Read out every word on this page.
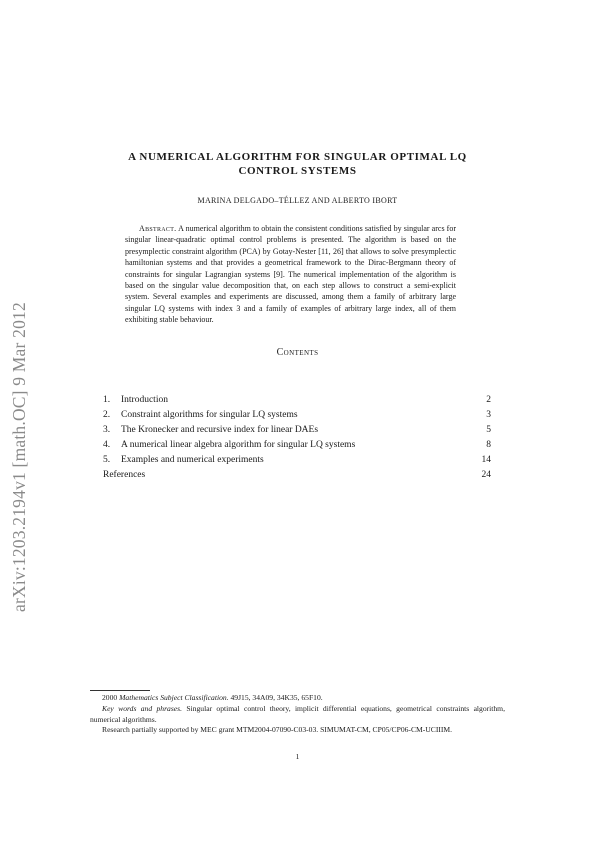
arXiv:1203.2194v1 [math.OC] 9 Mar 2012
A NUMERICAL ALGORITHM FOR SINGULAR OPTIMAL LQ
CONTROL SYSTEMS
MARINA DELGADO–TÉLLEZ AND ALBERTO IBORT
Abstract. A numerical algorithm to obtain the consistent conditions satisfied by singular arcs for singular linear-quadratic optimal control problems is presented. The algorithm is based on the presymplectic constraint algorithm (PCA) by Gotay-Nester [11, 26] that allows to solve presymplectic hamiltonian systems and that provides a geometrical framework to the Dirac-Bergmann theory of constraints for singular Lagrangian systems [9]. The numerical implementation of the algorithm is based on the singular value decomposition that, on each step allows to construct a semi-explicit system. Several examples and experiments are discussed, among them a family of arbitrary large singular LQ systems with index 3 and a family of examples of arbitrary large index, all of them exhibiting stable behaviour.
Contents
1. Introduction	2
2. Constraint algorithms for singular LQ systems	3
3. The Kronecker and recursive index for linear DAEs	5
4. A numerical linear algebra algorithm for singular LQ systems	8
5. Examples and numerical experiments	14
References	24

2000 Mathematics Subject Classification. 49J15, 34A09, 34K35, 65F10.

Key words and phrases. Singular optimal control theory, implicit differential equations, geometrical constraints algorithm, numerical algorithms.

Research partially supported by MEC grant MTM2004-07090-C03-03. SIMUMAT-CM, CP05/CP06-CM-UCIIIM.

1
